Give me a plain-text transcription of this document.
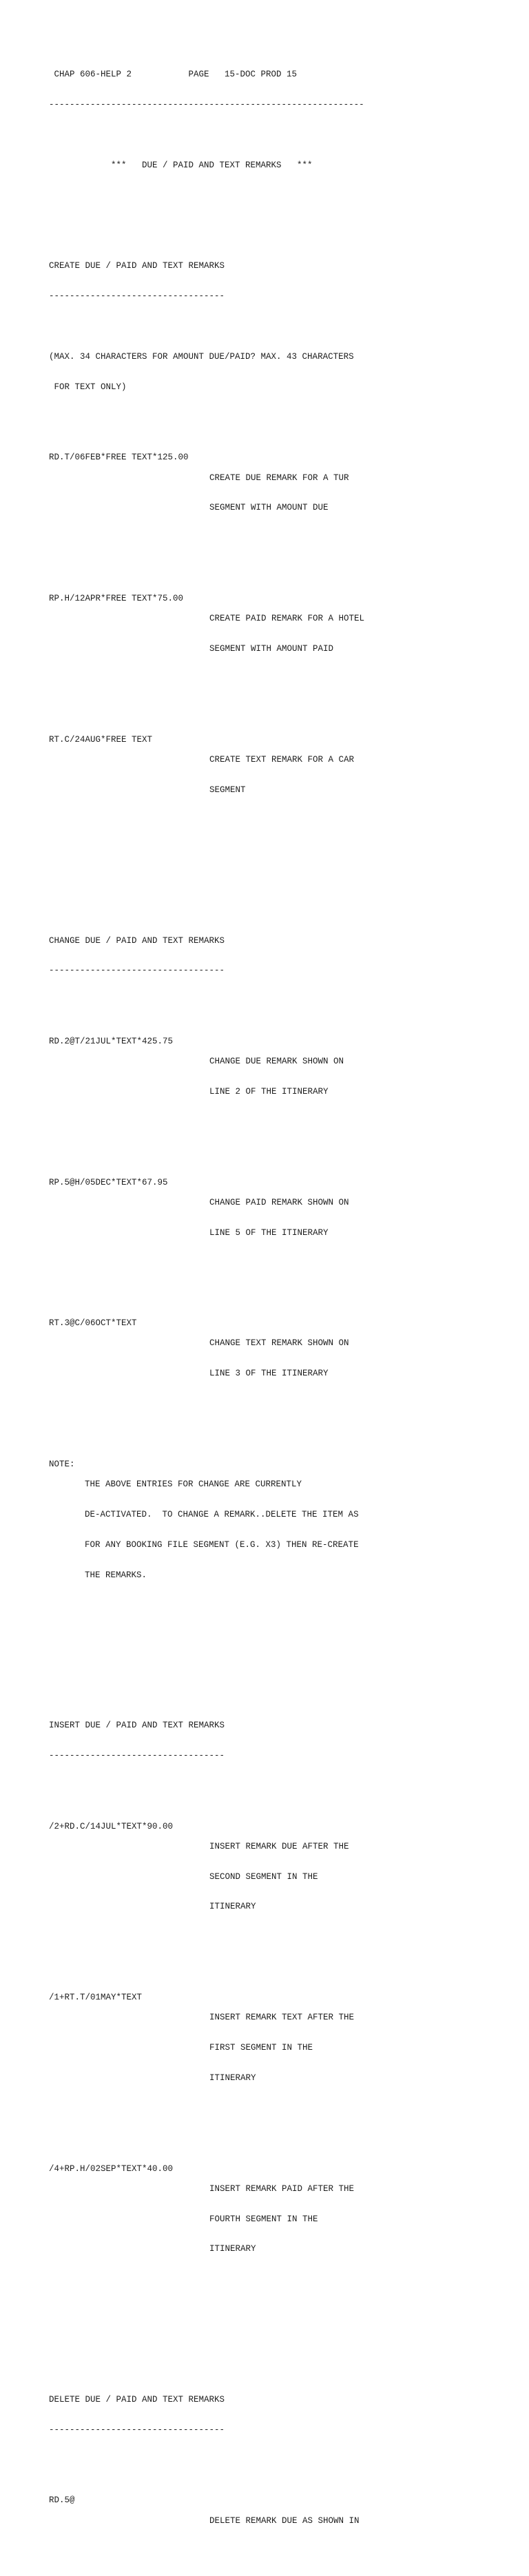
CHAP 606-HELP 2           PAGE   15-DOC PROD 15

-------------------------------------------------------------

***   DUE / PAID AND TEXT REMARKS   ***

CREATE DUE / PAID AND TEXT REMARKS

----------------------------------

(MAX. 34 CHARACTERS FOR AMOUNT DUE/PAID? MAX. 43 CHARACTERS

FOR TEXT ONLY)

RD.T/06FEB*FREE TEXT*125.00

CREATE DUE REMARK FOR A TUR

SEGMENT WITH AMOUNT DUE

RP.H/12APR*FREE TEXT*75.00

CREATE PAID REMARK FOR A HOTEL

SEGMENT WITH AMOUNT PAID

RT.C/24AUG*FREE TEXT

CREATE TEXT REMARK FOR A CAR

SEGMENT

CHANGE DUE / PAID AND TEXT REMARKS

----------------------------------

RD.2@T/21JUL*TEXT*425.75

CHANGE DUE REMARK SHOWN ON

LINE 2 OF THE ITINERARY

RP.5@H/05DEC*TEXT*67.95

CHANGE PAID REMARK SHOWN ON

LINE 5 OF THE ITINERARY

RT.3@C/06OCT*TEXT

CHANGE TEXT REMARK SHOWN ON

LINE 3 OF THE ITINERARY

NOTE:

THE ABOVE ENTRIES FOR CHANGE ARE CURRENTLY

DE-ACTIVATED.  TO CHANGE A REMARK..DELETE THE ITEM AS

FOR ANY BOOKING FILE SEGMENT (E.G. X3) THEN RE-CREATE

THE REMARKS.

INSERT DUE / PAID AND TEXT REMARKS

----------------------------------

/2+RD.C/14JUL*TEXT*90.00

INSERT REMARK DUE AFTER THE

SECOND SEGMENT IN THE

ITINERARY

/1+RT.T/01MAY*TEXT

INSERT REMARK TEXT AFTER THE

FIRST SEGMENT IN THE

ITINERARY

/4+RP.H/02SEP*TEXT*40.00

INSERT REMARK PAID AFTER THE

FOURTH SEGMENT IN THE

ITINERARY

DELETE DUE / PAID AND TEXT REMARKS

----------------------------------

RD.5@

DELETE REMARK DUE AS SHOWN IN
